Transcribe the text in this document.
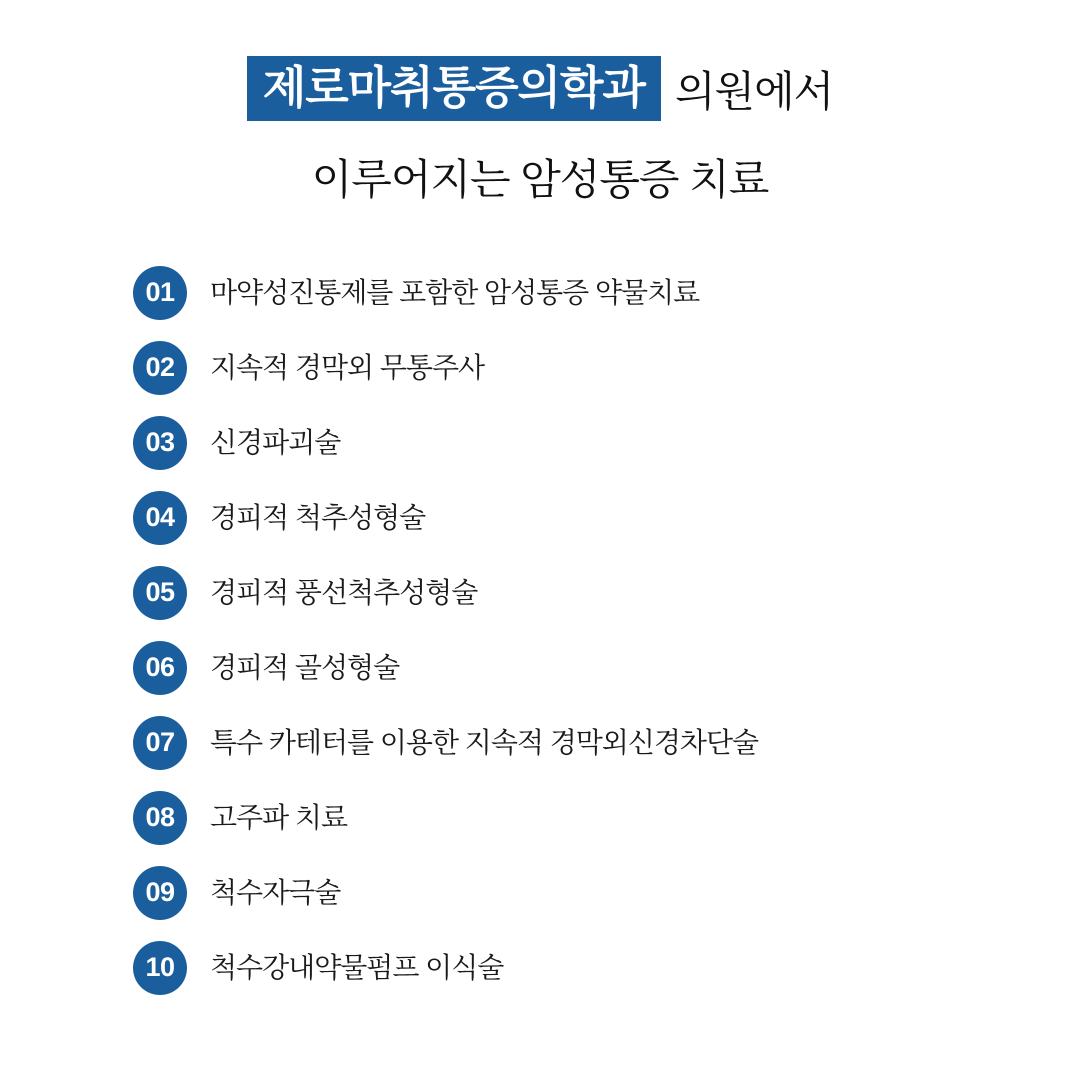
제로마취통증의학과 의원에서
이루어지는 암성통증 치료
01	마약성진통제를 포함한 암성통증 약물치료
02	지속적 경막외 무통주사
03	신경파괴술
04	경피적 척추성형술
05	경피적 풍선척추성형술
06	경피적 골성형술
07	특수 카테터를 이용한 지속적 경막외신경차단술
08	고주파 치료
09	척수자극술
10	척수강내약물펌프 이식술
